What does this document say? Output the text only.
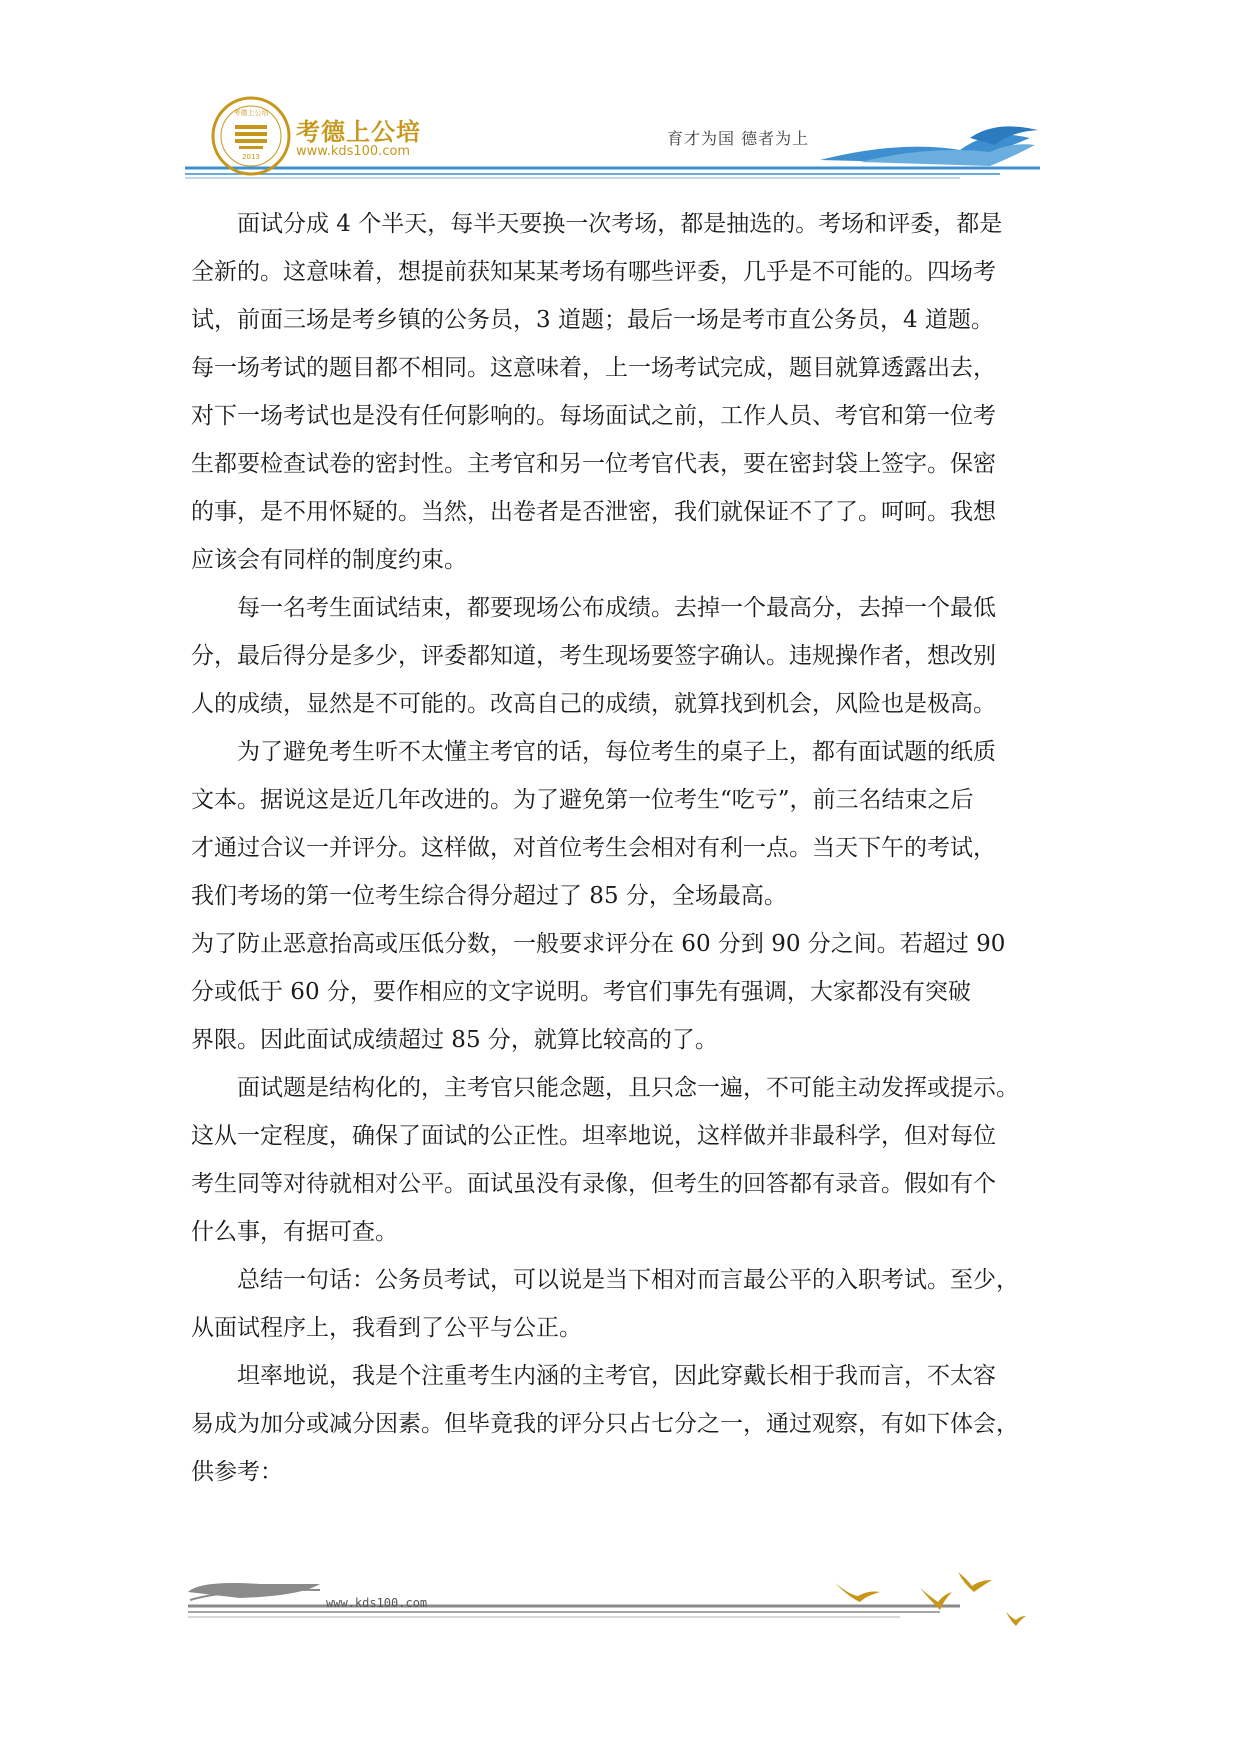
2013
考德上公培
考德上公培
www.kds100.com
育才为国 德者为上

面试分成 4 个半天，每半天要换一次考场，都是抽选的。考场和评委，都是
全新的。这意味着，想提前获知某某考场有哪些评委，几乎是不可能的。四场考
试，前面三场是考乡镇的公务员，3 道题；最后一场是考市直公务员，4 道题。
每一场考试的题目都不相同。这意味着，上一场考试完成，题目就算透露出去，
对下一场考试也是没有任何影响的。每场面试之前，工作人员、考官和第一位考
生都要检查试卷的密封性。主考官和另一位考官代表，要在密封袋上签字。保密
的事，是不用怀疑的。当然，出卷者是否泄密，我们就保证不了了。呵呵。我想
应该会有同样的制度约束。

每一名考生面试结束，都要现场公布成绩。去掉一个最高分，去掉一个最低
分，最后得分是多少，评委都知道，考生现场要签字确认。违规操作者，想改别
人的成绩，显然是不可能的。改高自己的成绩，就算找到机会，风险也是极高。

为了避免考生听不太懂主考官的话，每位考生的桌子上，都有面试题的纸质
文本。据说这是近几年改进的。为了避免第一位考生“吃亏”，前三名结束之后
才通过合议一并评分。这样做，对首位考生会相对有利一点。当天下午的考试，
我们考场的第一位考生综合得分超过了 85 分，全场最高。

为了防止恶意抬高或压低分数，一般要求评分在 60 分到 90 分之间。若超过 90
分或低于 60 分，要作相应的文字说明。考官们事先有强调，大家都没有突破
界限。因此面试成绩超过 85 分，就算比较高的了。

面试题是结构化的，主考官只能念题，且只念一遍，不可能主动发挥或提示。
这从一定程度，确保了面试的公正性。坦率地说，这样做并非最科学，但对每位
考生同等对待就相对公平。面试虽没有录像，但考生的回答都有录音。假如有个
什么事，有据可查。

总结一句话：公务员考试，可以说是当下相对而言最公平的入职考试。至少，
从面试程序上，我看到了公平与公正。

坦率地说，我是个注重考生内涵的主考官，因此穿戴长相于我而言，不太容
易成为加分或减分因素。但毕竟我的评分只占七分之一，通过观察，有如下体会，
供参考：

www.kds100.com
